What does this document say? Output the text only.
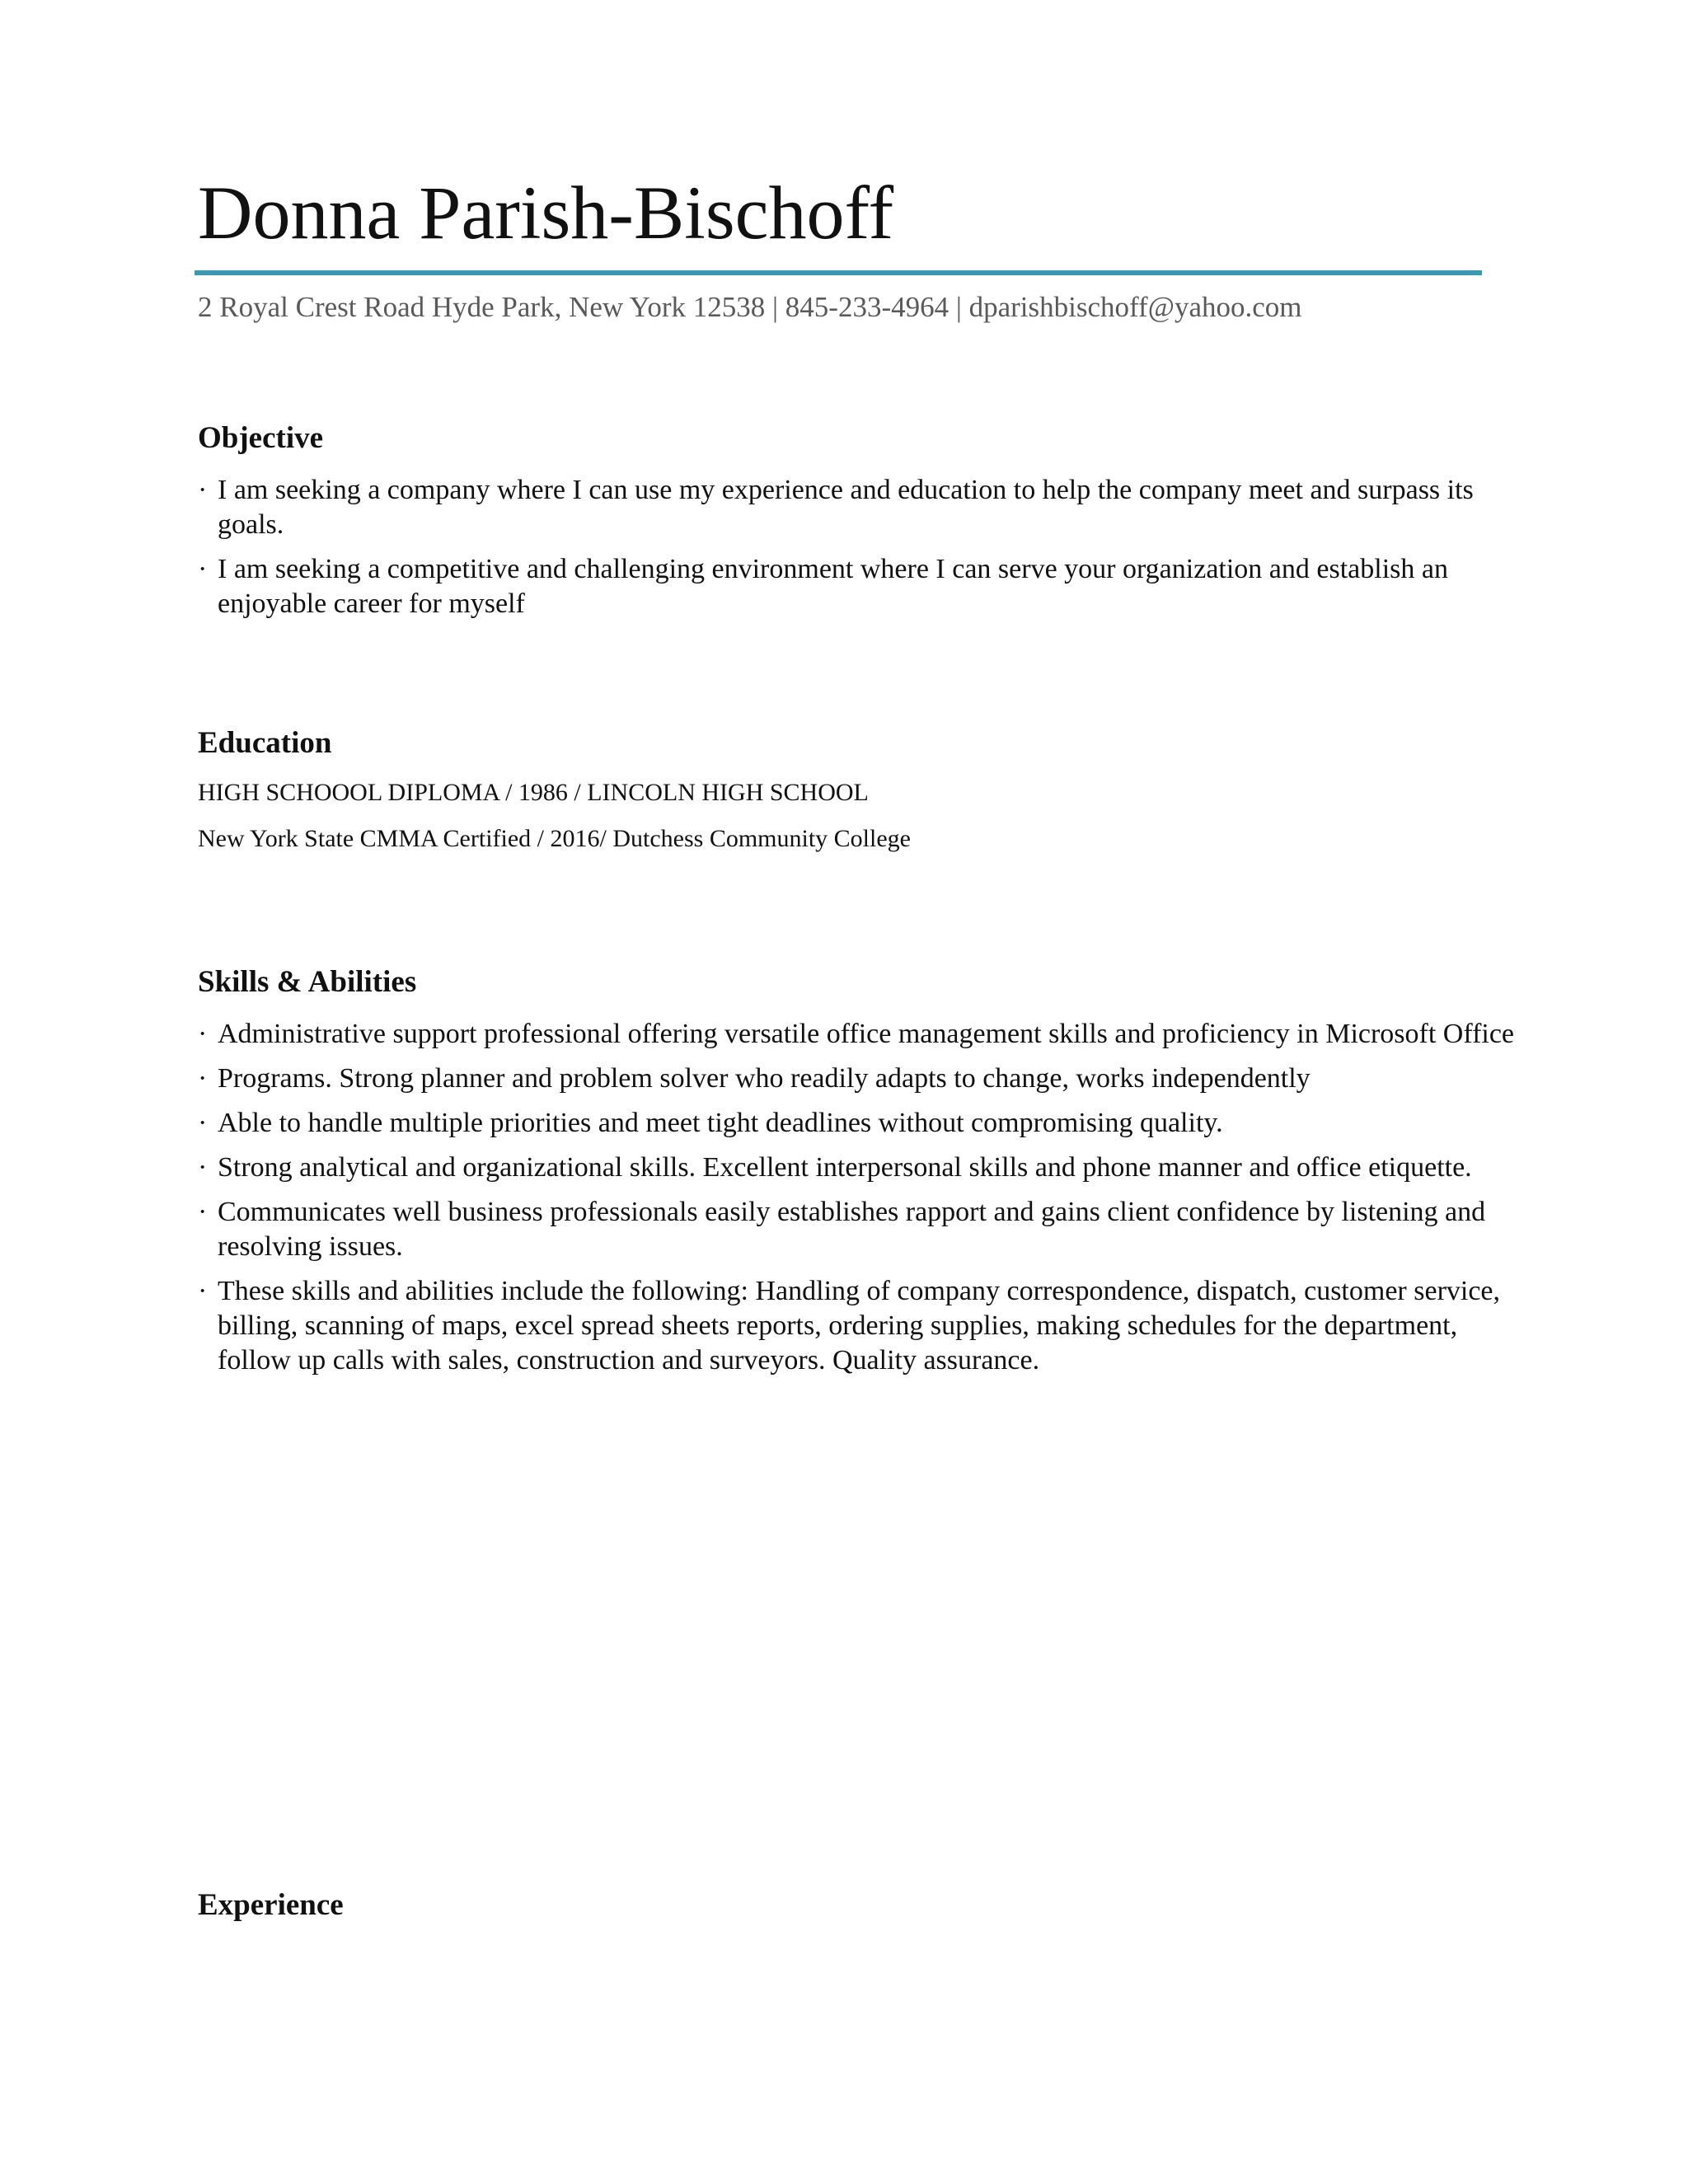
Donna Parish-Bischoff
2 Royal Crest Road Hyde Park, New York 12538 | 845-233-4964 | dparishbischoff@yahoo.com
Objective
· I am seeking a company where I can use my experience and education to help the company meet and surpass its goals.
· I am seeking a competitive and challenging environment where I can serve your organization and establish an enjoyable career for myself
Education
HIGH SCHOOOL DIPLOMA / 1986 / LINCOLN HIGH SCHOOL
New York State CMMA Certified / 2016/ Dutchess Community College
Skills & Abilities
· Administrative support professional offering versatile office management skills and proficiency in Microsoft Office
· Programs. Strong planner and problem solver who readily adapts to change, works independently
· Able to handle multiple priorities and meet tight deadlines without compromising quality.
· Strong analytical and organizational skills. Excellent interpersonal skills and phone manner and office etiquette.
· Communicates well business professionals easily establishes rapport and gains client confidence by listening and resolving issues.
· These skills and abilities include the following: Handling of company correspondence, dispatch, customer service, billing, scanning of maps, excel spread sheets reports, ordering supplies, making schedules for the department, follow up calls with sales, construction and surveyors. Quality assurance.
Experience
